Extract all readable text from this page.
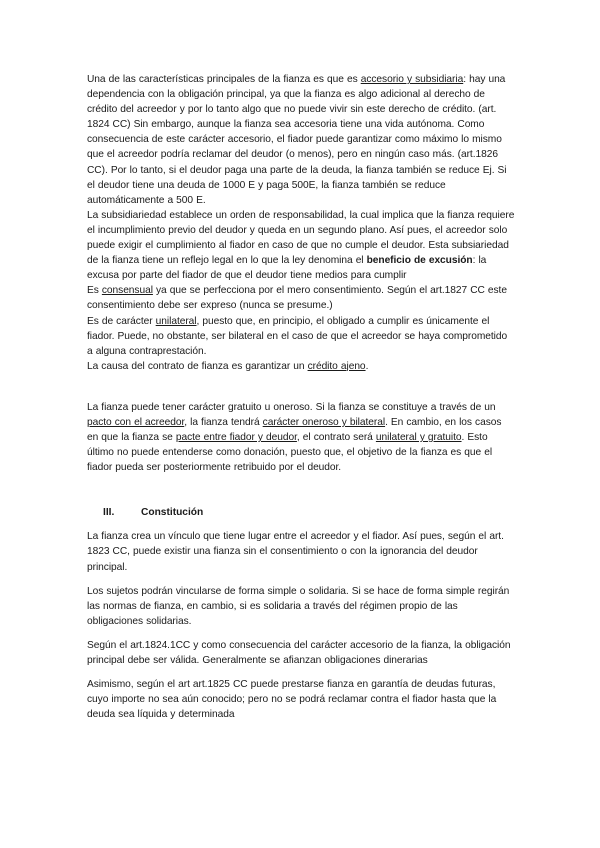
Una de las características principales de la fianza es que es accesorio y subsidiaria: hay una dependencia con la obligación principal, ya que la fianza es algo adicional al derecho de crédito del acreedor y por lo tanto algo que no puede vivir sin este derecho de crédito. (art. 1824 CC) Sin embargo, aunque la fianza sea accesoria tiene una vida autónoma. Como consecuencia de este carácter accesorio, el fiador puede garantizar como máximo lo mismo que el acreedor podría reclamar del deudor (o menos), pero en ningún caso más. (art.1826 CC). Por lo tanto, si el deudor paga una parte de la deuda, la fianza también se reduce Ej. Si el deudor tiene una deuda de 1000 E y paga 500E, la fianza también se reduce automáticamente a 500 E.

La subsidiariedad establece un orden de responsabilidad, la cual implica que la fianza requiere el incumplimiento previo del deudor y queda en un segundo plano. Así pues, el acreedor solo puede exigir el cumplimiento al fiador en caso de que no cumple el deudor. Esta subsiariedad de la fianza tiene un reflejo legal en lo que la ley denomina el beneficio de excusión: la excusa por parte del fiador de que el deudor tiene medios para cumplir

Es consensual ya que se perfecciona por el mero consentimiento. Según el art.1827 CC este consentimiento debe ser expreso (nunca se presume.)

Es de carácter unilateral, puesto que, en principio, el obligado a cumplir es únicamente el fiador. Puede, no obstante, ser bilateral en el caso de que el acreedor se haya comprometido a alguna contraprestación.

La causa del contrato de fianza es garantizar un crédito ajeno.

La fianza puede tener carácter gratuito u oneroso. Si la fianza se constituye a través de un pacto con el acreedor, la fianza tendrá carácter oneroso y bilateral. En cambio, en los casos en que la fianza se pacte entre fiador y deudor, el contrato será unilateral y gratuito. Esto último no puede entenderse como donación, puesto que, el objetivo de la fianza es que el fiador pueda ser posteriormente retribuido por el deudor.

III.	Constitución

La fianza crea un vínculo que tiene lugar entre el acreedor y el fiador. Así pues, según el art. 1823 CC, puede existir una fianza sin el consentimiento o con la ignorancia del deudor principal.

Los sujetos podrán vincularse de forma simple o solidaria. Si se hace de forma simple regirán las normas de fianza, en cambio, si es solidaria a través del régimen propio de las obligaciones solidarias.

Según el art.1824.1CC y como consecuencia del carácter accesorio de la fianza, la obligación principal debe ser válida. Generalmente se afianzan obligaciones dinerarias

Asimismo, según el art art.1825 CC puede prestarse fianza en garantía de deudas futuras, cuyo importe no sea aún conocido; pero no se podrá reclamar contra el fiador hasta que la deuda sea líquida y determinada
